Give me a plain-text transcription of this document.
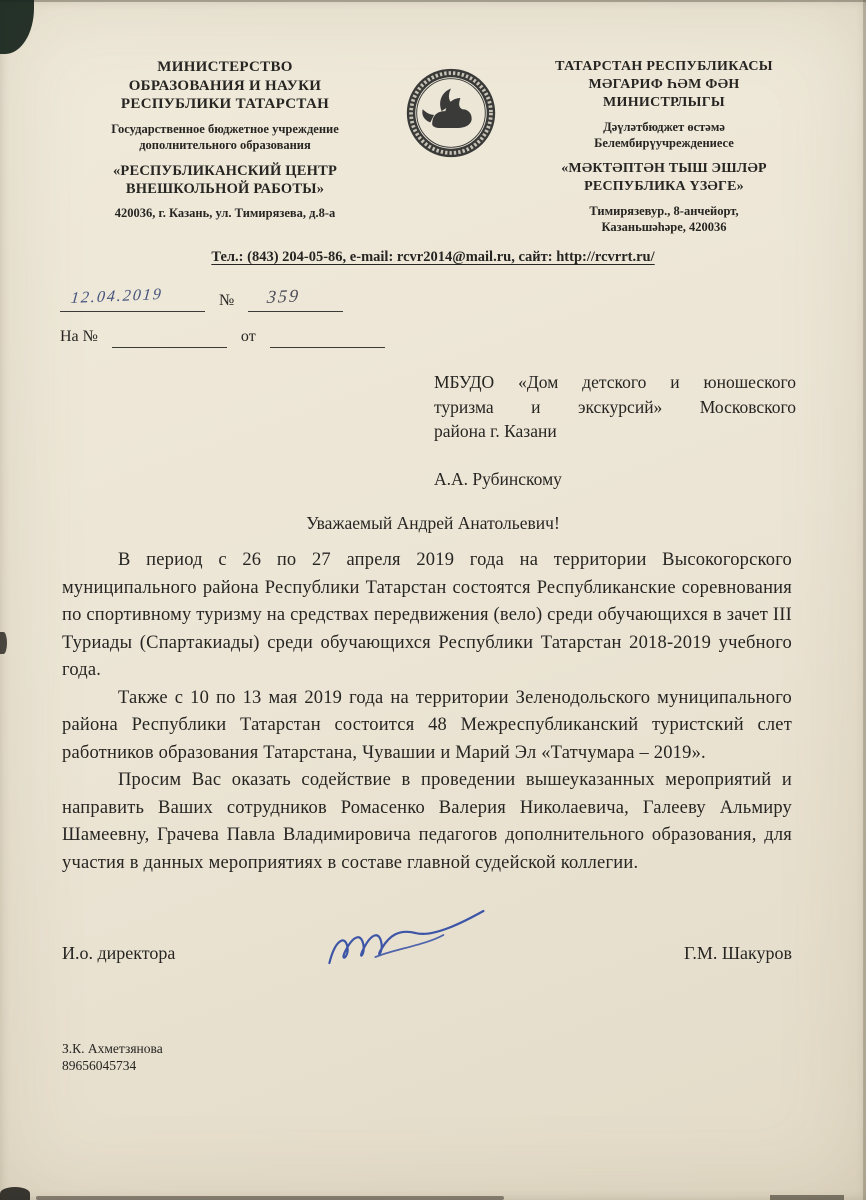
МИНИСТЕРСТВО
ОБРАЗОВАНИЯ И НАУКИ
РЕСПУБЛИКИ ТАТАРСТАН
Государственное бюджетное учреждение
дополнительного образования
«РЕСПУБЛИКАНСКИЙ ЦЕНТР
ВНЕШКОЛЬНОЙ РАБОТЫ»
420036, г. Казань, ул. Тимирязева, д.8-а
ТАТАРСТАН РЕСПУБЛИКАСЫ
МӘГАРИФ ҺӘМ ФӘН
МИНИСТРЛЫГЫ
Дәүләтбюджет өстәмә
Белембирүучреждениесе
«МӘКТӘПТӘН ТЫШ ЭШЛӘР
РЕСПУБЛИКА ҮЗӘГЕ»
Тимирязевур., 8-анчейорт,
Казаньшәһәре, 420036
Тел.: (843) 204-05-86, e-mail: rcvr2014@mail.ru, сайт: http://rcvrrt.ru/
12.04.2019	№ 359
На №	от
МБУДО «Дом детского и юношеского
туризма и экскурсий» Московского
района г. Казани
А.А. Рубинскому
Уважаемый Андрей Анатольевич!

В период с 26 по 27 апреля 2019 года на территории Высокогорского муниципального района Республики Татарстан состоятся Республиканские соревнования по спортивному туризму на средствах передвижения (вело) среди обучающихся в зачет III Туриады (Спартакиады) среди обучающихся Республики Татарстан 2018-2019 учебного года.

Также с 10 по 13 мая 2019 года на территории Зеленодольского муниципального района Республики Татарстан состоится 48 Межреспубликанский туристский слет работников образования Татарстана, Чувашии и Марий Эл «Татчумара – 2019».

Просим Вас оказать содействие в проведении вышеуказанных мероприятий и направить Ваших сотрудников Ромасенко Валерия Николаевича, Галееву Альмиру Шамеевну, Грачева Павла Владимировича педагогов дополнительного образования, для участия в данных мероприятиях в составе главной судейской коллегии.

И.о. директора	Г.М. Шакуров
З.К. Ахметзянова
89656045734
